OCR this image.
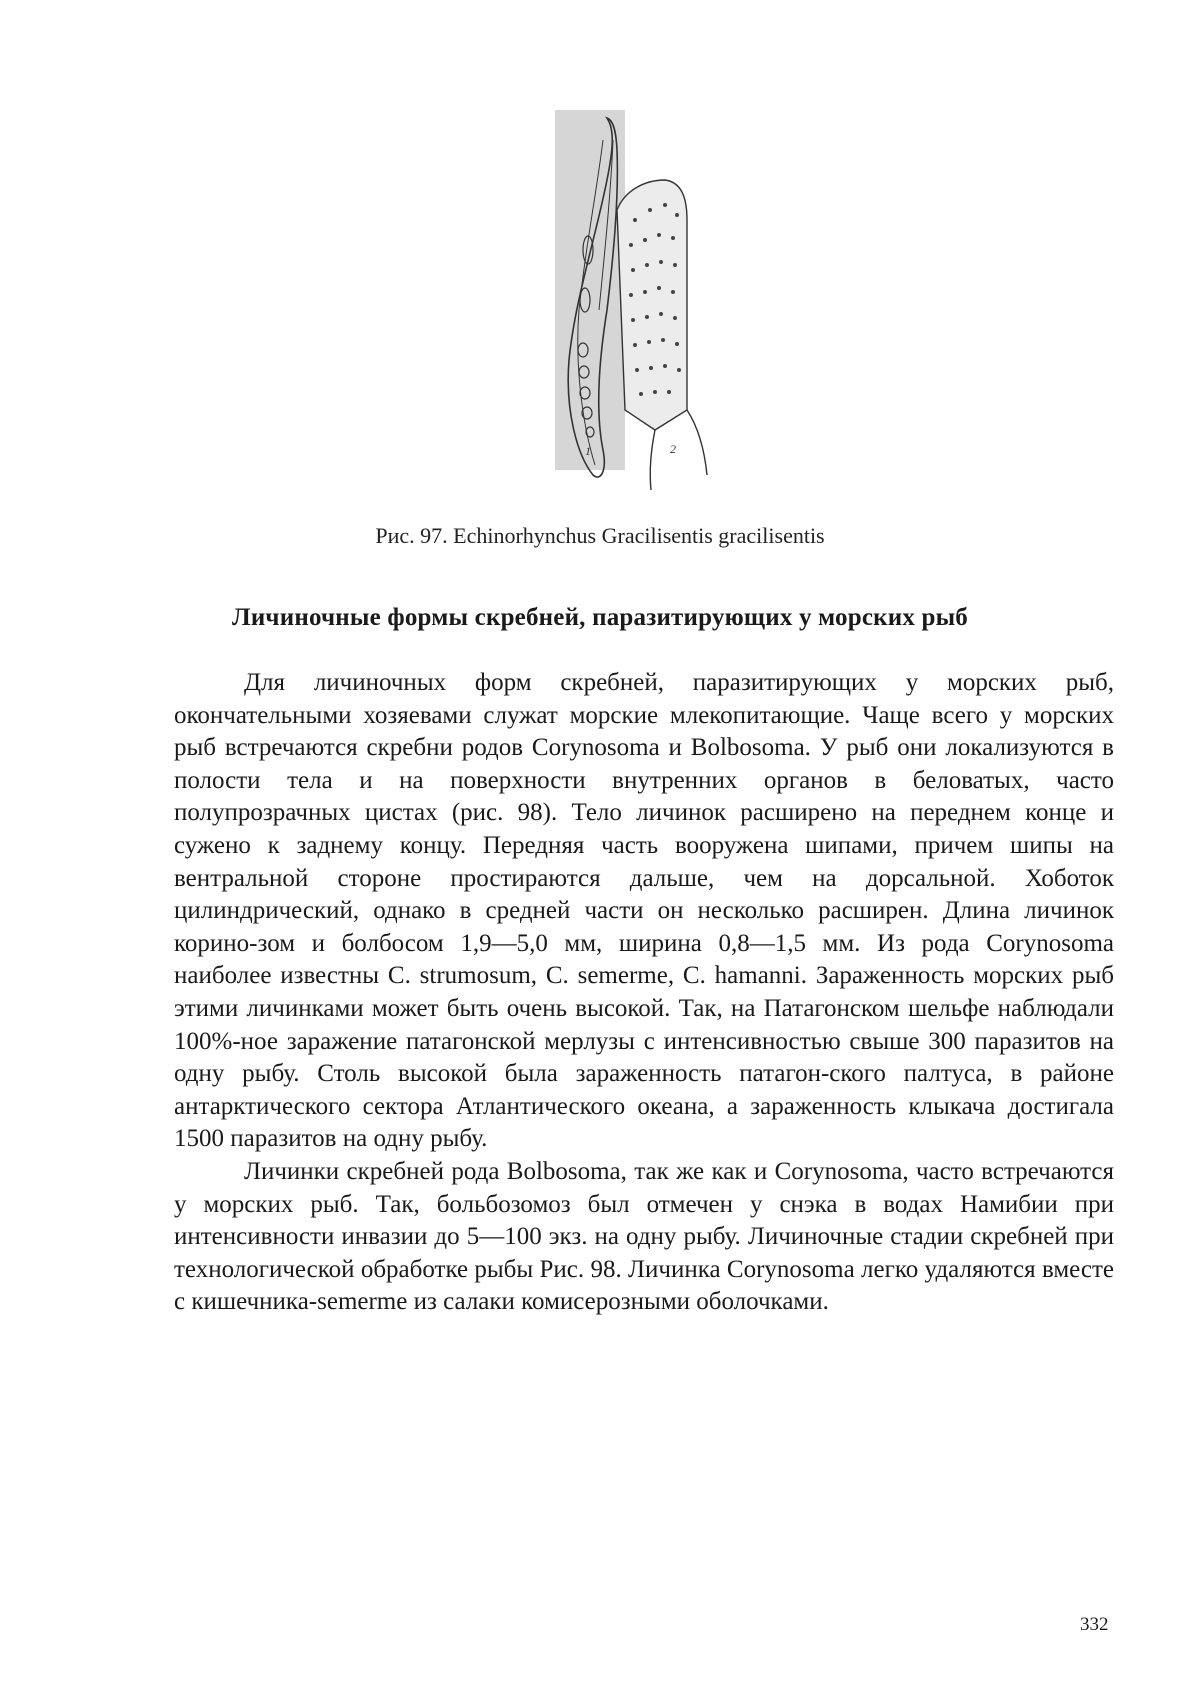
1	2
Рис. 97. Echinorhynchus Gracilisentis gracilisentis
Личиночные формы скребней, паразитирующих у морских рыб

Для личиночных форм скребней, паразитирующих у морских рыб, окончательными хозяевами служат морские млекопитающие. Чаще всего у морских рыб встречаются скребни родов Corynosoma и Bolbosoma. У рыб они локализуются в полости тела и на поверхности внутренних органов в беловатых, часто полупрозрачных цистах (рис. 98). Тело личинок расширено на переднем конце и сужено к заднему концу. Передняя часть вооружена шипами, причем шипы на вентральной стороне простираются дальше, чем на дорсальной. Хоботок цилиндрический, однако в средней части он несколько расширен. Длина личинок корино-зом и болбосом 1,9—5,0 мм, ширина 0,8—1,5 мм. Из рода Corynosoma наиболее известны C. strumosum, C. semerme, C. hamanni. Зараженность морских рыб этими личинками может быть очень высокой. Так, на Патагонском шельфе наблюдали 100%-ное заражение патагонской мерлузы с интенсивностью свыше 300 паразитов на одну рыбу. Столь высокой была зараженность патагон-ского палтуса, в районе антарктического сектора Атлантического океана, а зараженность клыкача достигала 1500 паразитов на одну рыбу.

Личинки скребней рода Bolbosoma, так же как и Corynosoma, часто встречаются у морских рыб. Так, больбозомоз был отмечен у снэка в водах Намибии при интенсивности инвазии до 5—100 экз. на одну рыбу. Личиночные стадии скребней при технологической обработке рыбы Рис. 98. Личинка Corynosoma легко удаляются вместе с кишечника-semerme из салаки комисерозными оболочками.

332
